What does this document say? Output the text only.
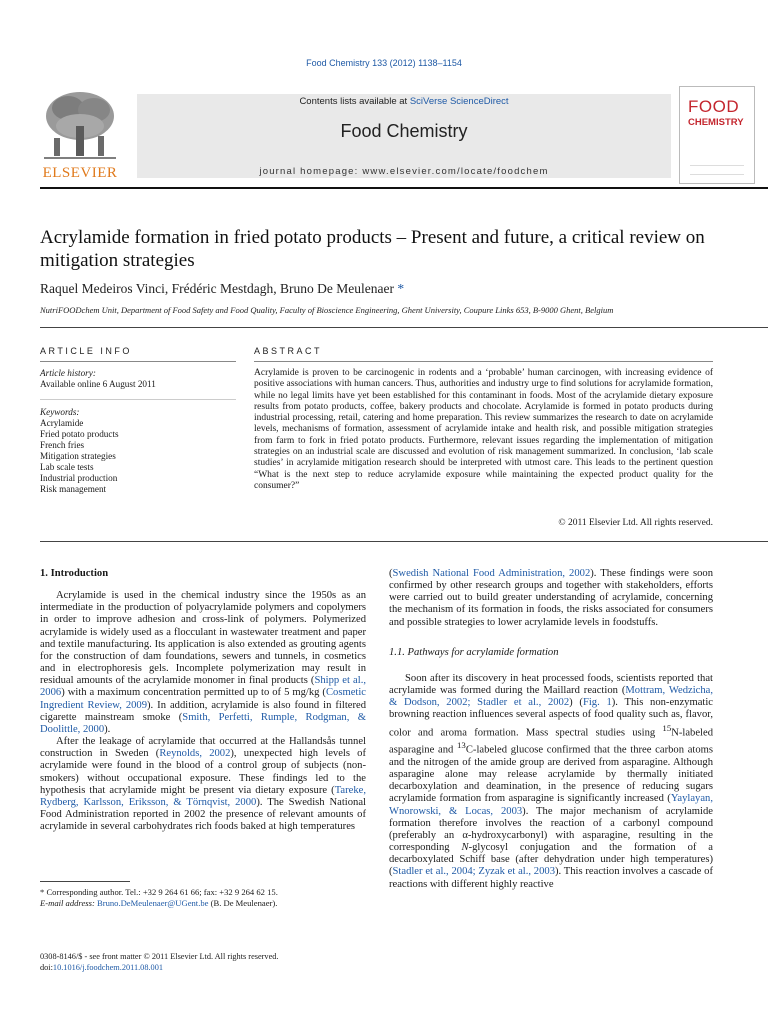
Food Chemistry 133 (2012) 1138–1154
ELSEVIER
Contents lists available at SciVerse ScienceDirect
Food Chemistry
journal homepage: www.elsevier.com/locate/foodchem
FOOD
CHEMISTRY
Acrylamide formation in fried potato products – Present and future, a critical review on mitigation strategies
Raquel Medeiros Vinci, Frédéric Mestdagh, Bruno De Meulenaer *
NutriFOODchem Unit, Department of Food Safety and Food Quality, Faculty of Bioscience Engineering, Ghent University, Coupure Links 653, B-9000 Ghent, Belgium
ARTICLE INFO	ABSTRACT
Article history:
Available online 6 August 2011
Keywords:
Acrylamide
Fried potato products
French fries
Mitigation strategies
Lab scale tests
Industrial production
Risk management
Acrylamide is proven to be carcinogenic in rodents and a ‘probable’ human carcinogen, with increasing evidence of positive associations with human cancers. Thus, authorities and industry urge to find solutions for acrylamide formation, while no legal limits have yet been established for this contaminant in foods. Most of the acrylamide dietary exposure results from potato products, coffee, bakery products and chocolate. Acrylamide is formed in potato products during industrial processing, retail, catering and home preparation. This review summarizes the research to date on acrylamide levels, mechanisms of formation, assessment of acrylamide intake and health risk, and possible mitigation strategies from farm to fork in fried potato products. Furthermore, relevant issues regarding the implementation of mitigation strategies on an industrial scale are discussed and evolution of risk management summarized. In conclusion, ‘lab scale studies’ in acrylamide mitigation research should be interpreted with utmost care. This leads to the pertinent question “What is the next step to reduce acrylamide exposure while maintaining the expected product quality for the consumer?”
© 2011 Elsevier Ltd. All rights reserved.
1. Introduction

Acrylamide is used in the chemical industry since the 1950s as an intermediate in the production of polyacrylamide polymers and copolymers in order to improve adhesion and cross-link of polymers. Polymerized acrylamide is widely used as a flocculant in wastewater treatment and paper and textile manufacturing. Its application is also extended as grouting agents for the construction of dam foundations, sewers and tunnels, in cosmetics and in electrophoresis gels. Incomplete polymerization may result in residual amounts of the acrylamide monomer in final products (Shipp et al., 2006) with a maximum concentration permitted up to of 5 mg/kg (Cosmetic Ingredient Review, 2009). In addition, acrylamide is also found in filtered cigarette mainstream smoke (Smith, Perfetti, Rumple, Rodgman, & Doolittle, 2000).

After the leakage of acrylamide that occurred at the Hallandsås tunnel construction in Sweden (Reynolds, 2002), unexpected high levels of acrylamide were found in the blood of a control group of subjects (non-smokers) without occupational exposure. These findings led to the hypothesis that acrylamide might be present via dietary exposure (Tareke, Rydberg, Karlsson, Eriksson, & Törnqvist, 2000). The Swedish National Food Administration reported in 2002 the presence of relevant amounts of acrylamide in several carbohydrates rich foods baked at high temperatures

(Swedish National Food Administration, 2002). These findings were soon confirmed by other research groups and together with stakeholders, efforts were carried out to build greater understanding of acrylamide, concerning the mechanism of its formation in foods, the risks associated for consumers and possible strategies to lower acrylamide levels in foodstuffs.

1.1. Pathways for acrylamide formation

Soon after its discovery in heat processed foods, scientists reported that acrylamide was formed during the Maillard reaction (Mottram, Wedzicha, & Dodson, 2002; Stadler et al., 2002) (Fig. 1). This non-enzymatic browning reaction influences several aspects of food quality such as, flavor, color and aroma formation. Mass spectral studies using $^{15}$N-labeled asparagine and $^{13}$C-labeled glucose confirmed that the three carbon atoms and the nitrogen of the amide group are derived from asparagine. Although asparagine alone may release acrylamide by thermally initiated decarboxylation and deamination, in the presence of reducing sugars acrylamide formation from asparagine is significantly increased (Yaylayan, Wnorowski, & Locas, 2003). The major mechanism of acrylamide formation therefore involves the reaction of a carbonyl compound (preferably an α-hydroxycarbonyl) with asparagine, resulting in the corresponding N-glycosyl conjugation and the formation of a decarboxylated Schiff base (after dehydration under high temperatures) (Stadler et al., 2004; Zyzak et al., 2003). This reaction involves a cascade of reactions with different highly reactive

* Corresponding author. Tel.: +32 9 264 61 66; fax: +32 9 264 62 15.
E-mail address: Bruno.DeMeulenaer@UGent.be (B. De Meulenaer).
0308-8146/$ - see front matter © 2011 Elsevier Ltd. All rights reserved.
doi:10.1016/j.foodchem.2011.08.001
